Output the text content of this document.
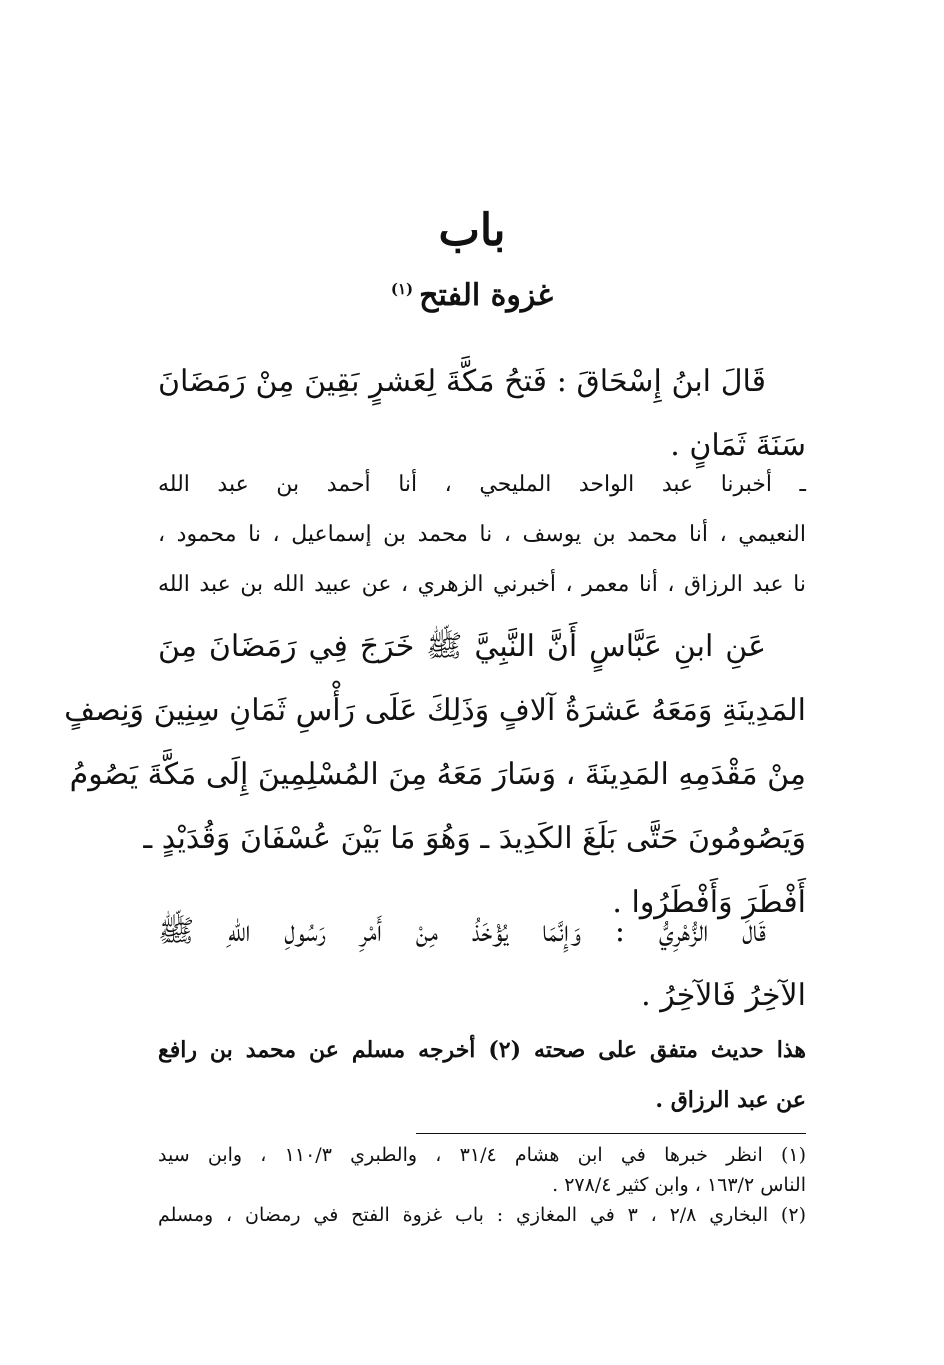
باب
غزوة الفتح$^{(١)}$
قَالَ ابنُ إِسْحَاقَ : فَتحُ مَكَّةَ لِعَشرٍ بَقِينَ مِنْ رَمَضَانَ
سَنَةَ ثَمَانٍ .
ـ أخبرنا عبد الواحد المليحي ، أنا أحمد بن عبد الله
النعيمي ، أنا محمد بن يوسف ، نا محمد بن إسماعيل ، نا محمود ،
نا عبد الرزاق ، أنا معمر ، أخبرني الزهري ، عن عبيد الله بن عبد الله
عَنِ ابنِ عَبَّاسٍ أَنَّ النَّبِيَّ ﷺ خَرَجَ فِي رَمَضَانَ مِنَ
المَدِينَةِ وَمَعَهُ عَشرَةُ آلافٍ وَذَلِكَ عَلَى رَأْسِ ثَمَانِ سِنِينَ وَنِصفٍ
مِنْ مَقْدَمِهِ المَدِينَةَ ، وَسَارَ مَعَهُ مِنَ المُسْلِمِينَ إِلَى مَكَّةَ يَصُومُ
وَيَصُومُونَ حَتَّى بَلَغَ الكَدِيدَ ـ وَهُوَ مَا بَيْنَ عُسْفَانَ وَقُدَيْدٍ ـ
أَفْطَرَ وَأَفْطَرُوا .
قَالَ الزُّهْرِيُّ : وَإِنَّمَا يُؤْخَذُ مِنْ أَمْرِ رَسُولِ اللهِ ﷺ
الآخِرُ فَالآخِرُ .
هذا حديث متفق على صحته (٢) أخرجه مسلم عن محمد بن رافع
عن عبد الرزاق .
(١) انظر خبرها في ابن هشام ٣١/٤ ، والطبري ١١٠/٣ ، وابن سيد
الناس ١٦٣/٢ ، وابن كثير ٢٧٨/٤ .
(٢) البخاري ٢/٨ ، ٣ في المغازي : باب غزوة الفتح في رمضان ، ومسلم
